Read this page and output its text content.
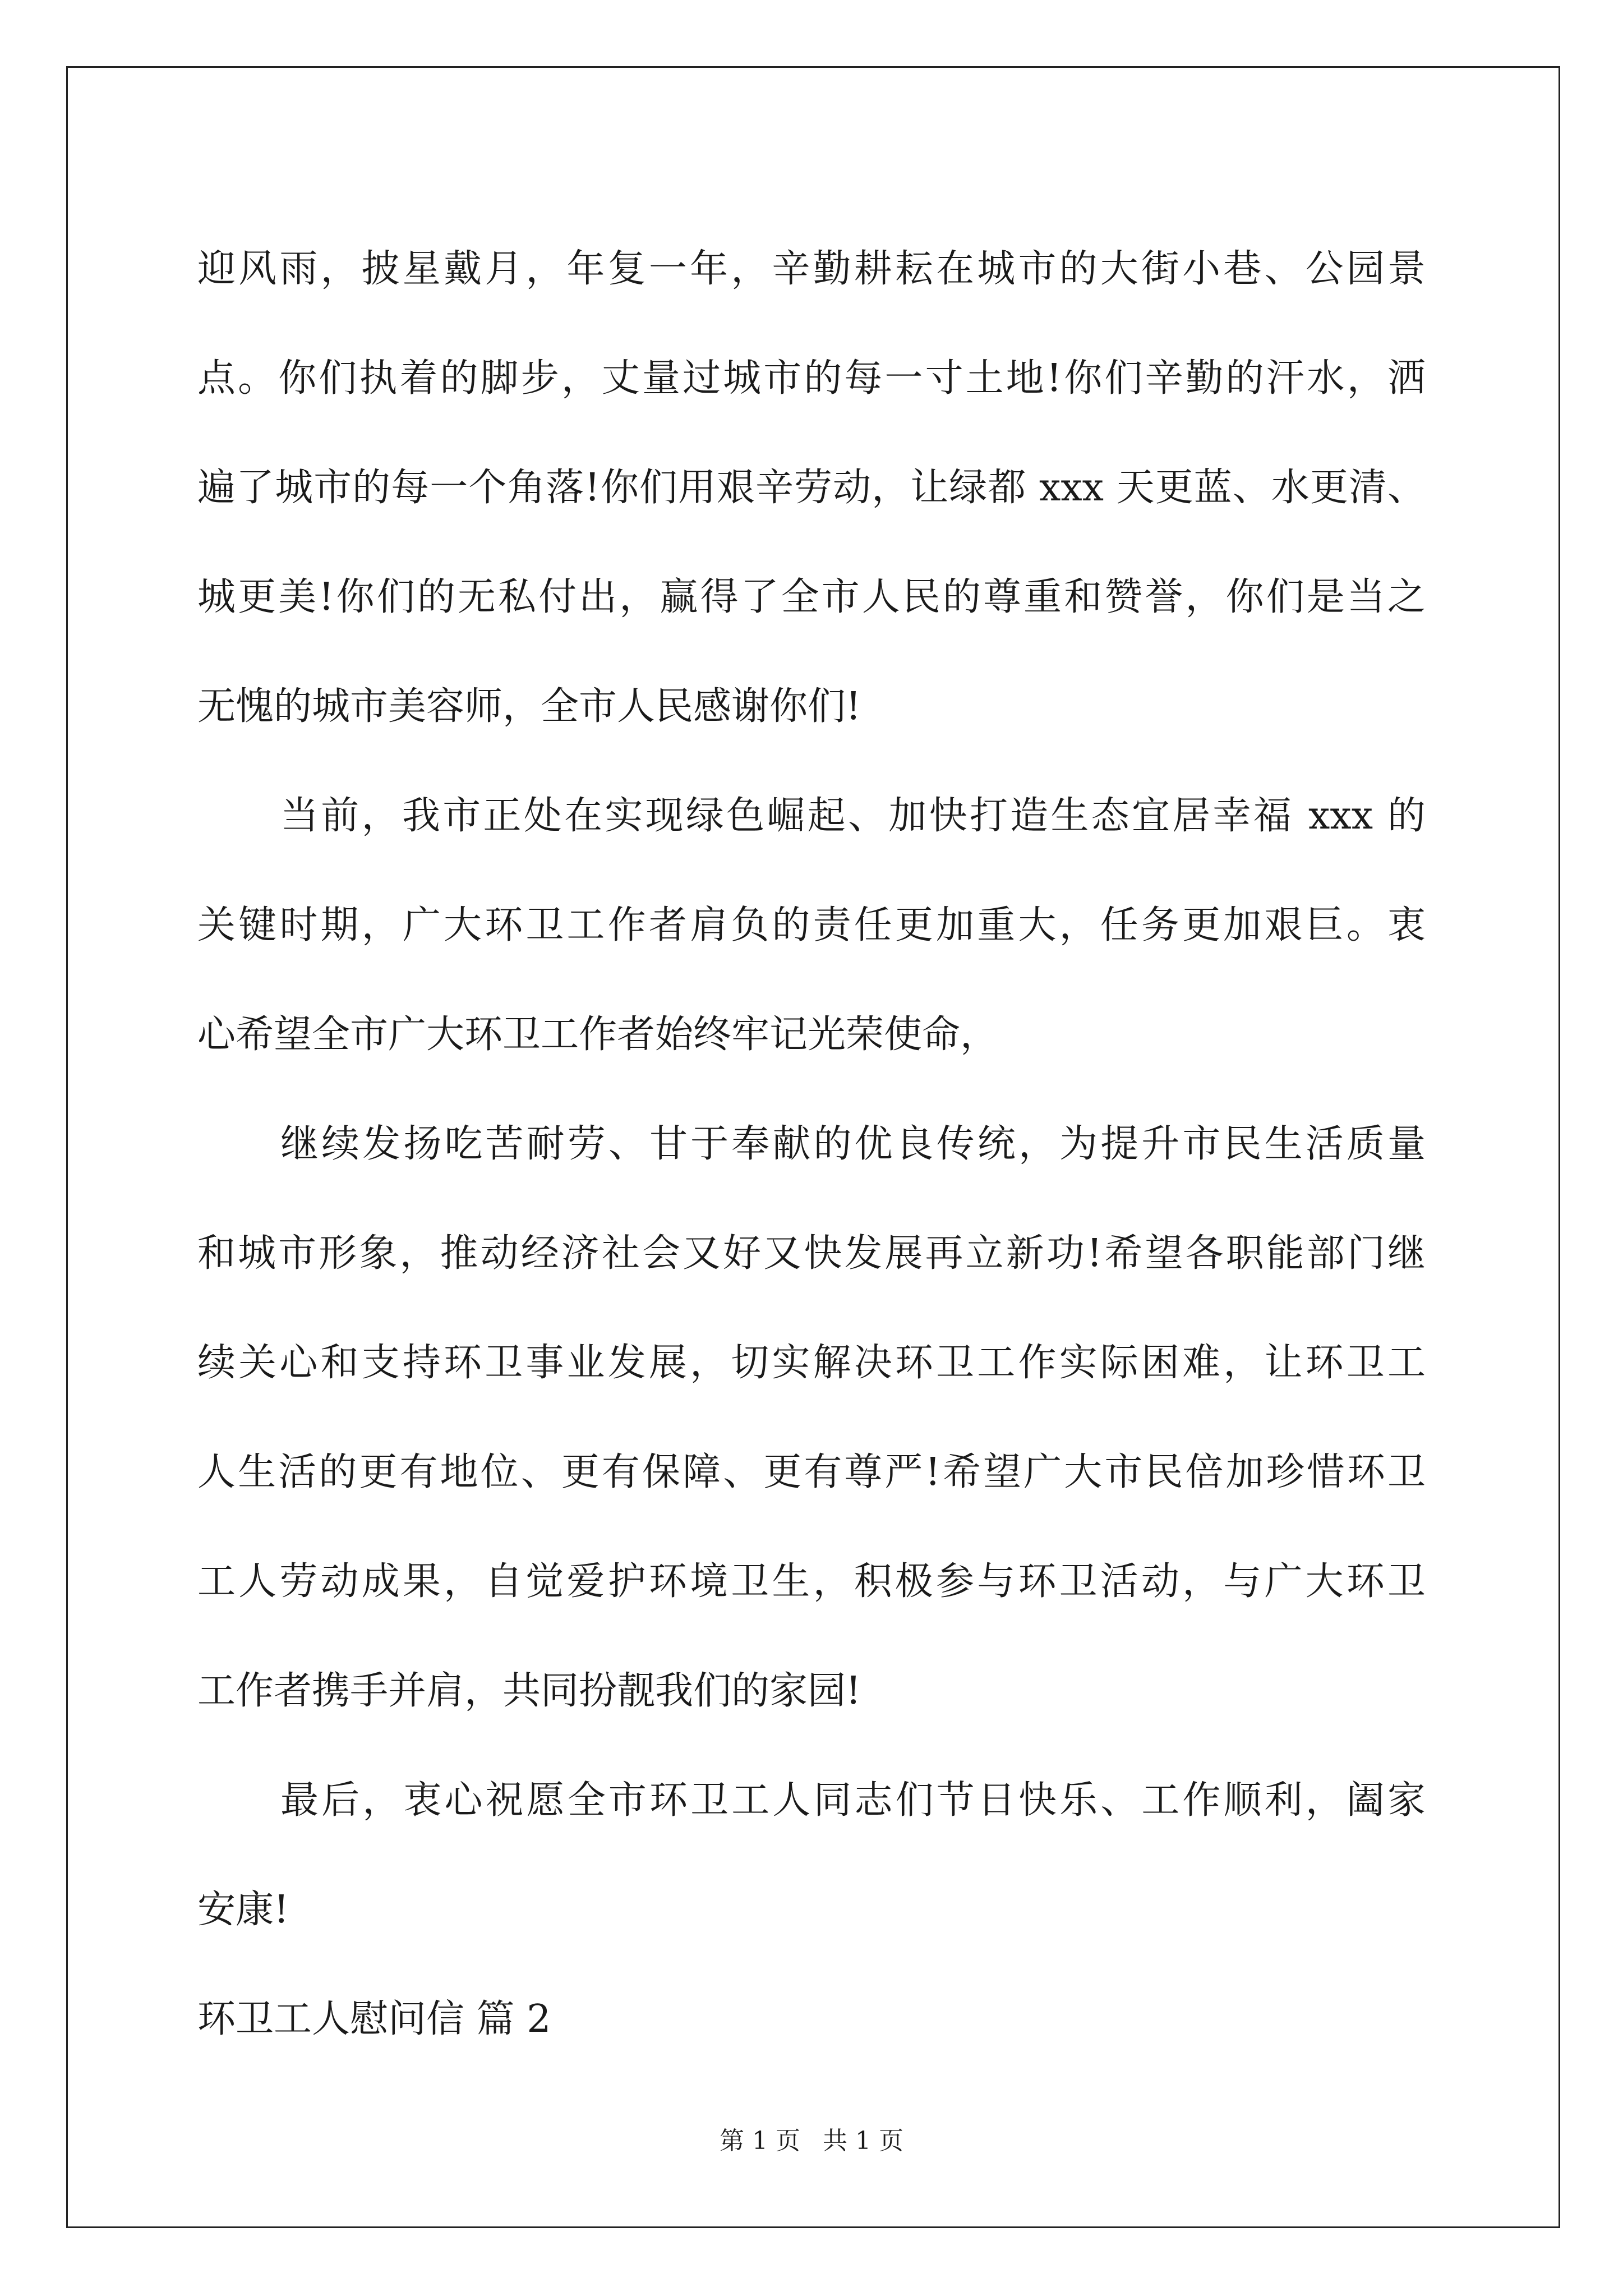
迎风雨，披星戴月，年复一年，辛勤耕耘在城市的大街小巷、公园景
点。你们执着的脚步，丈量过城市的每一寸土地!你们辛勤的汗水，洒
遍了城市的每一个角落!你们用艰辛劳动，让绿都 xxx 天更蓝、水更清、
城更美!你们的无私付出，赢得了全市人民的尊重和赞誉，你们是当之
无愧的城市美容师，全市人民感谢你们!
当前，我市正处在实现绿色崛起、加快打造生态宜居幸福 xxx 的
关键时期，广大环卫工作者肩负的责任更加重大，任务更加艰巨。衷
心希望全市广大环卫工作者始终牢记光荣使命，
继续发扬吃苦耐劳、甘于奉献的优良传统，为提升市民生活质量
和城市形象，推动经济社会又好又快发展再立新功!希望各职能部门继
续关心和支持环卫事业发展，切实解决环卫工作实际困难，让环卫工
人生活的更有地位、更有保障、更有尊严!希望广大市民倍加珍惜环卫
工人劳动成果，自觉爱护环境卫生，积极参与环卫活动，与广大环卫
工作者携手并肩，共同扮靓我们的家园!
最后，衷心祝愿全市环卫工人同志们节日快乐、工作顺利，阖家
安康!
环卫工人慰问信 篇 2
第 1 页 共 1 页
